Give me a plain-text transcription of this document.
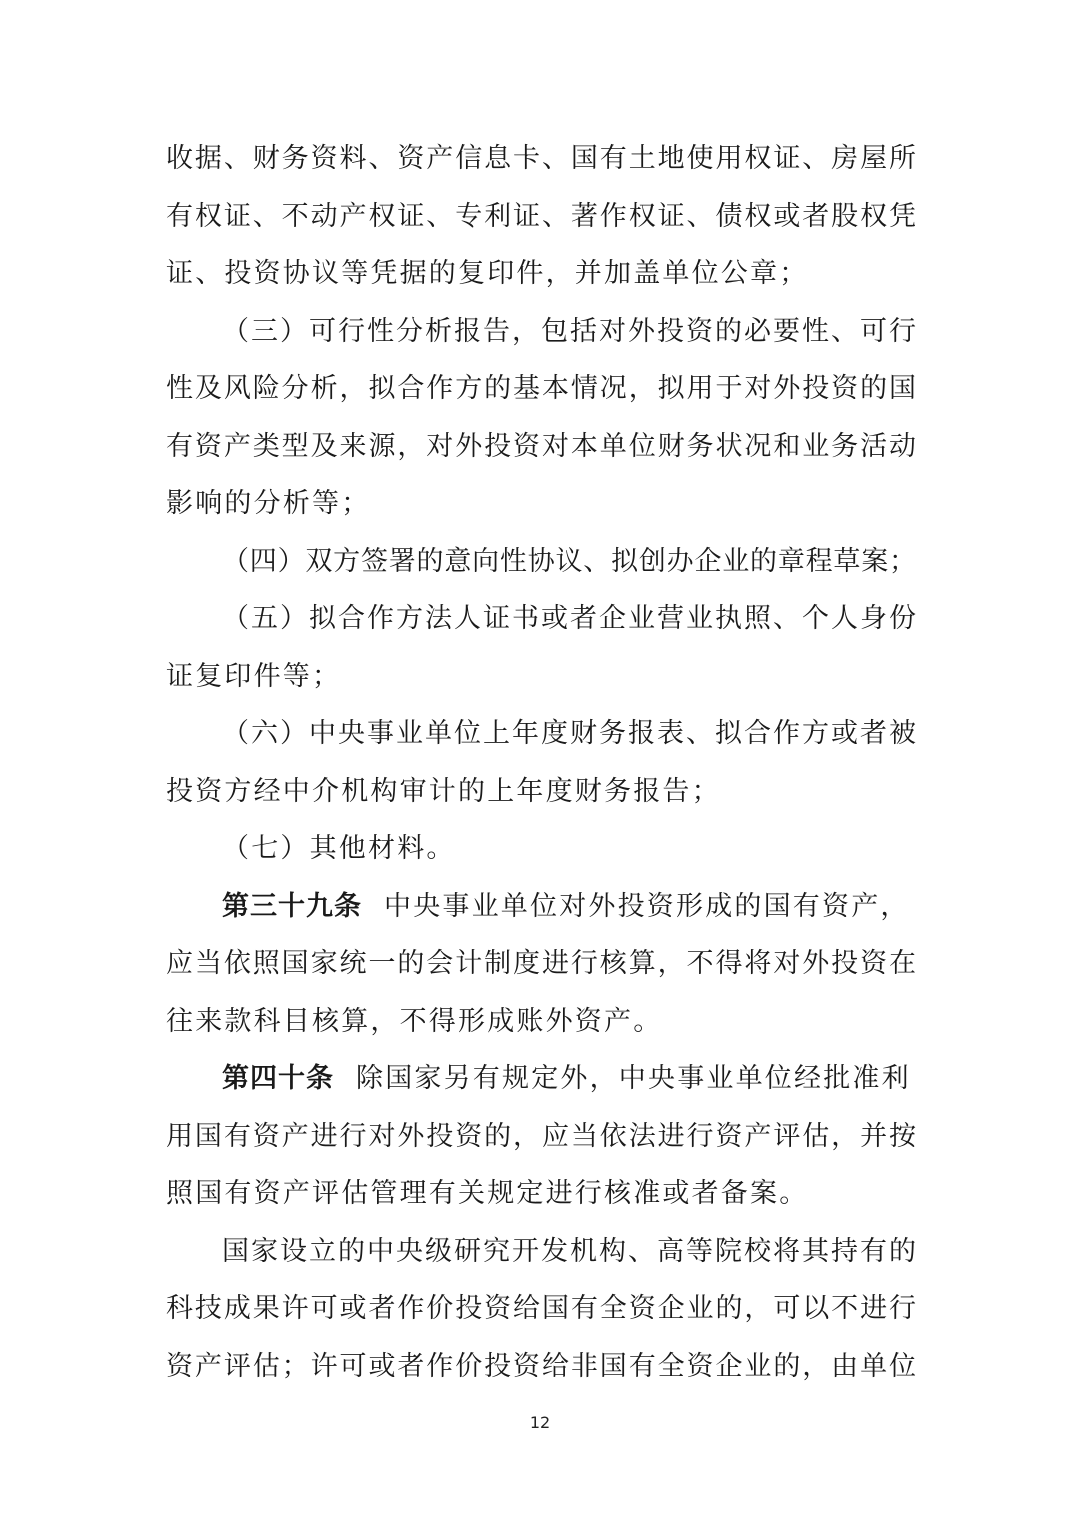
收据、财务资料、资产信息卡、国有土地使用权证、房屋所
有权证、不动产权证、专利证、著作权证、债权或者股权凭
证、投资协议等凭据的复印件，并加盖单位公章；
（三）可行性分析报告，包括对外投资的必要性、可行
性及风险分析，拟合作方的基本情况，拟用于对外投资的国
有资产类型及来源，对外投资对本单位财务状况和业务活动
影响的分析等；
（四）双方签署的意向性协议、拟创办企业的章程草案；
（五）拟合作方法人证书或者企业营业执照、个人身份
证复印件等；
（六）中央事业单位上年度财务报表、拟合作方或者被
投资方经中介机构审计的上年度财务报告；
（七）其他材料。
第三十九条 中央事业单位对外投资形成的国有资产，
应当依照国家统一的会计制度进行核算，不得将对外投资在
往来款科目核算，不得形成账外资产。
第四十条 除国家另有规定外，中央事业单位经批准利
用国有资产进行对外投资的，应当依法进行资产评估，并按
照国有资产评估管理有关规定进行核准或者备案。
国家设立的中央级研究开发机构、高等院校将其持有的
科技成果许可或者作价投资给国有全资企业的，可以不进行
资产评估；许可或者作价投资给非国有全资企业的，由单位
12
